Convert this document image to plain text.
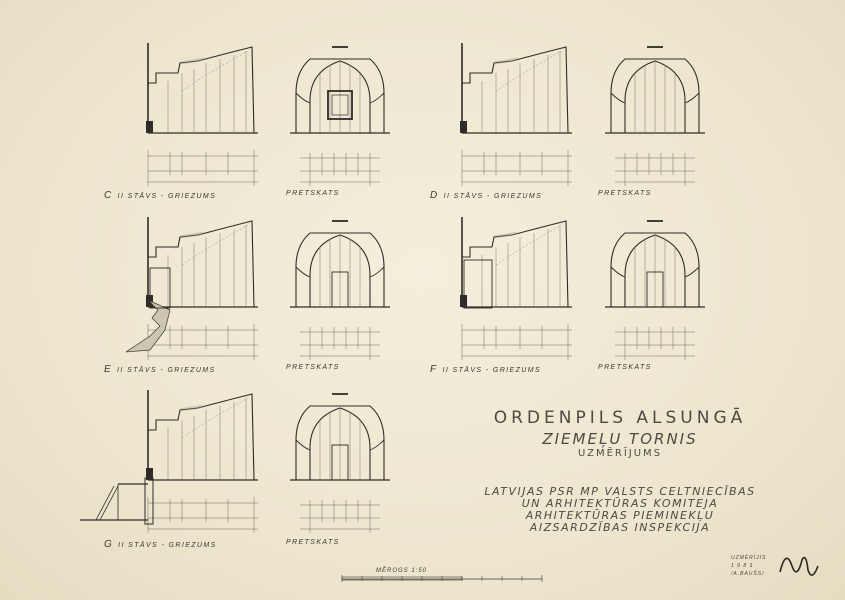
C II STĀVS - GRIEZUMS	PRETSKATS	D II STĀVS - GRIEZUMS	PRETSKATS
E II STĀVS - GRIEZUMS	PRETSKATS	F II STĀVS - GRIEZUMS	PRETSKATS
G II STĀVS - GRIEZUMS	PRETSKATS
ORDENPILS ALSUNGĀ
ZIEMEĻU TORNIS
UZMĒRĪJUMS
LATVIJAS PSR MP VALSTS CELTNIECĪBAS
UN ARHITEKTŪRAS KOMITEJA
ARHITEKTŪRAS PIEMINEKĻU
AIZSARDZĪBAS INSPEKCIJA
MĒROGS 1:50
UZMĒRĪJIS
1 9 8 3
/A.BAUŠS/
